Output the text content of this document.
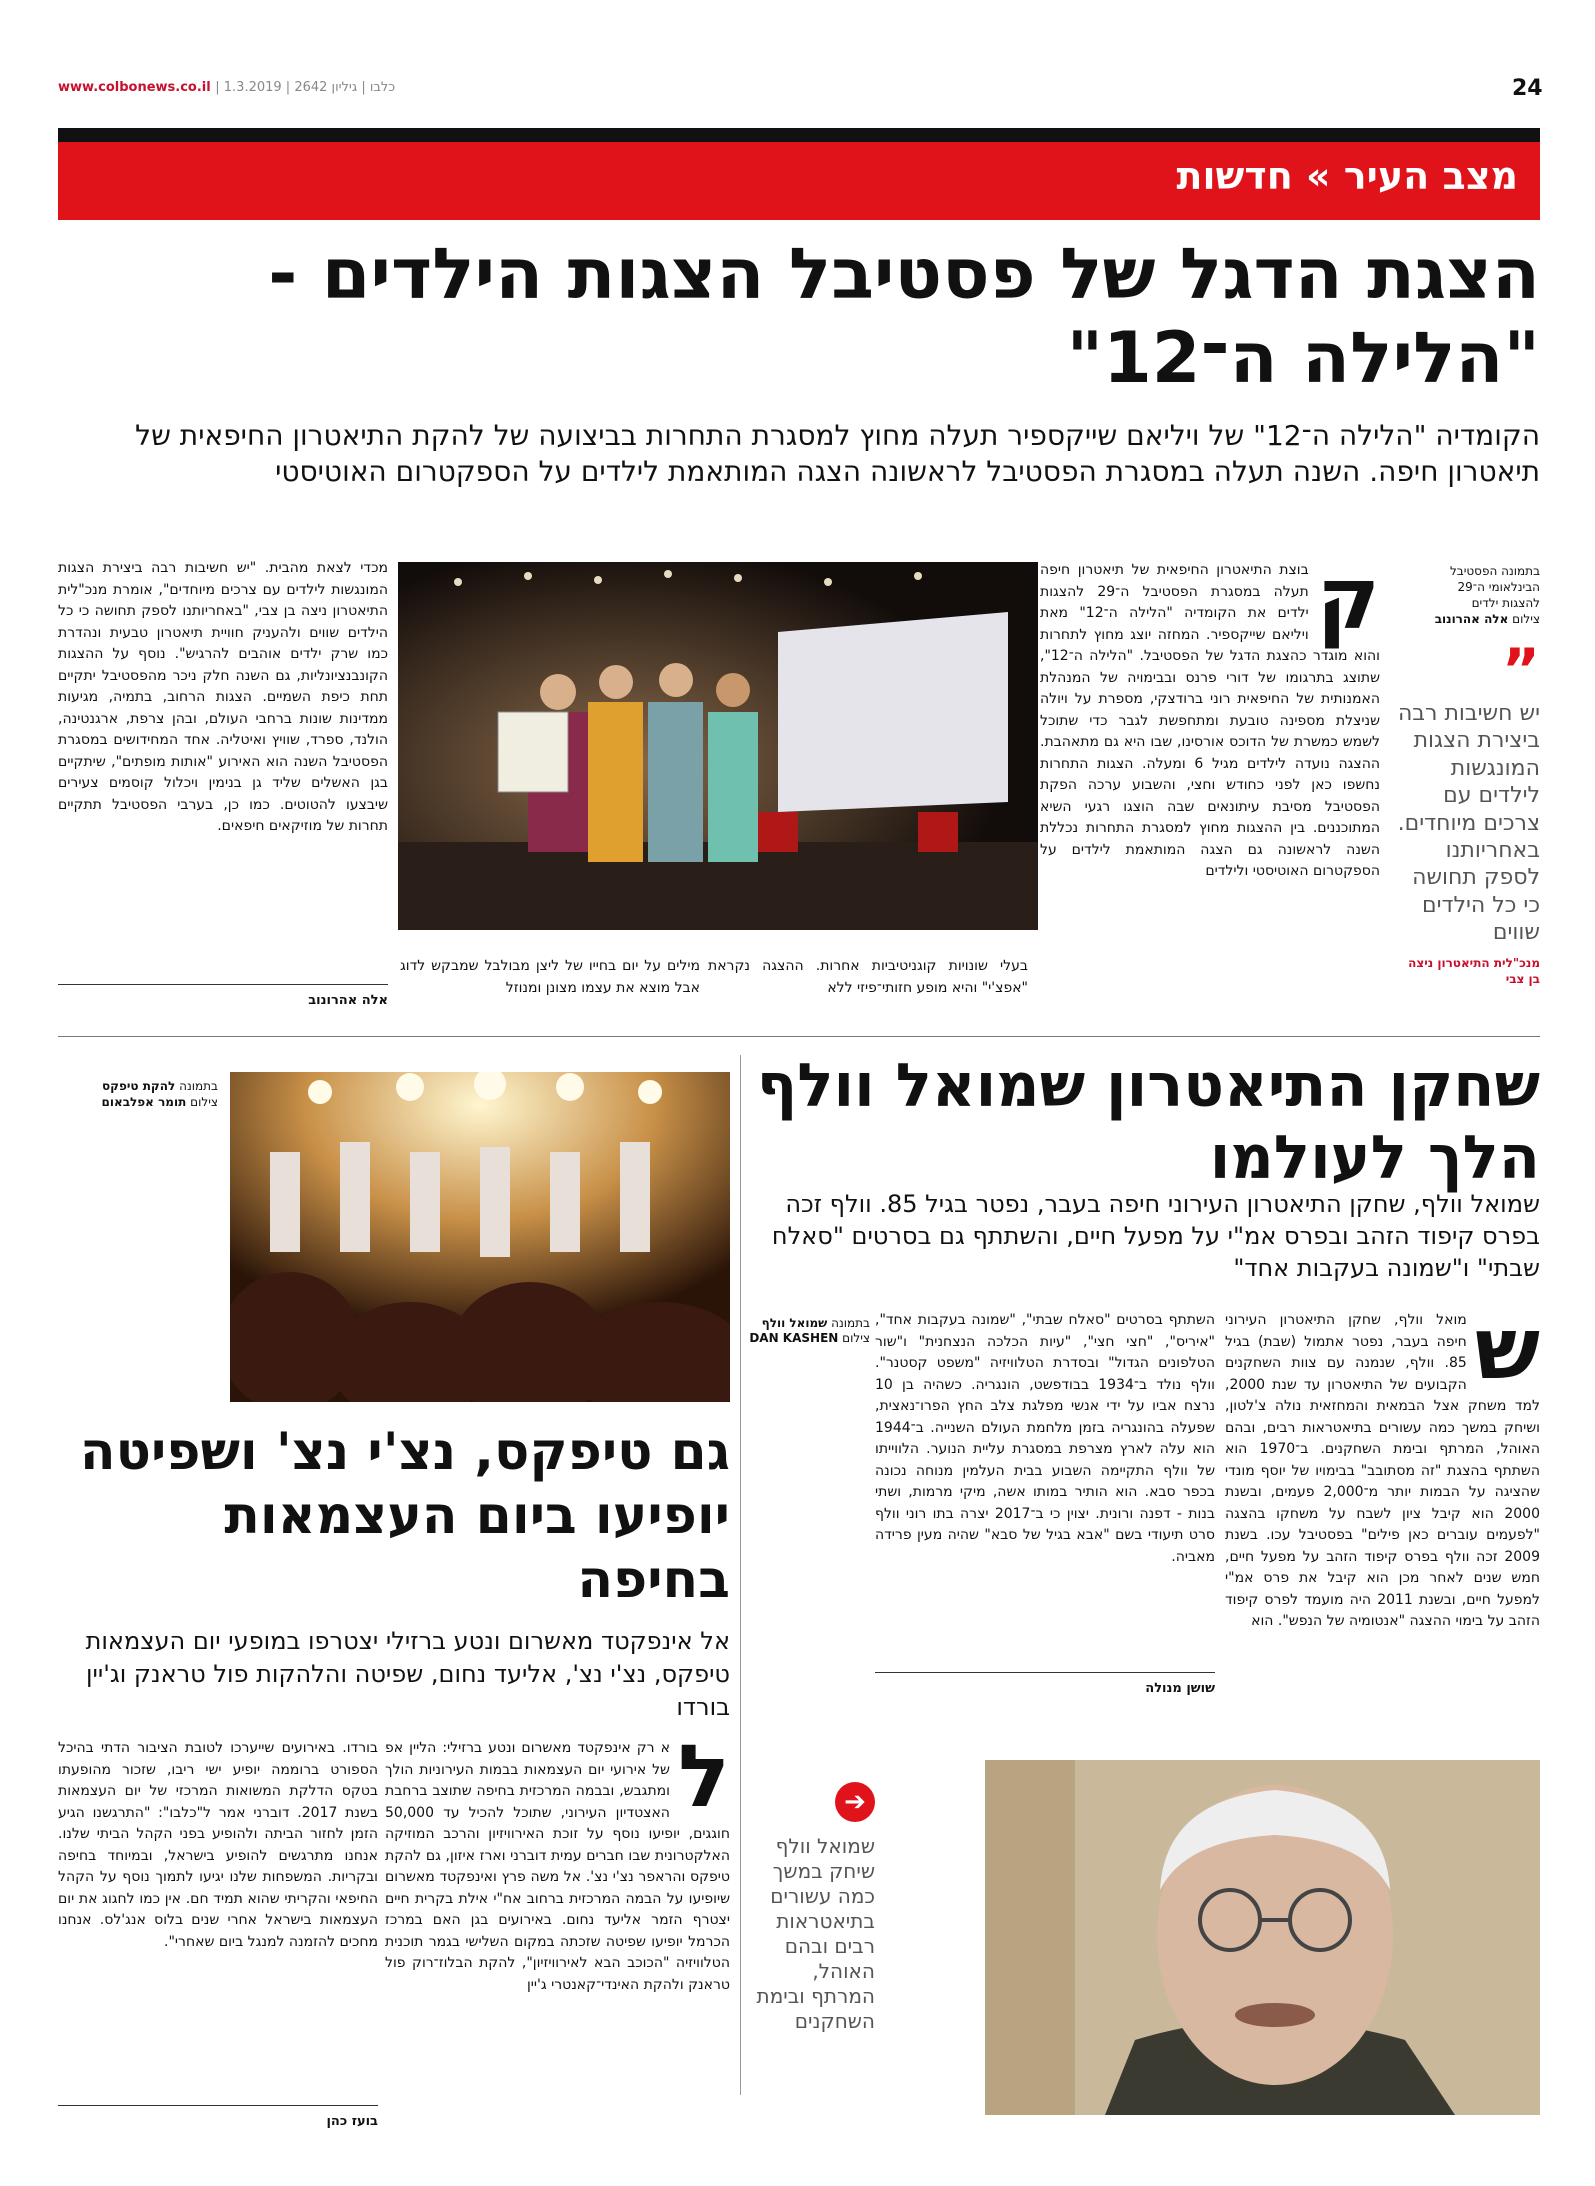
www.colbonews.co.il | כלבו | גיליון 2642 | 1.3.2019	24
מצב העיר » חדשות
הצגת הדגל של פסטיבל הצגות הילדים - "הלילה ה־12"

הקומדיה "הלילה ה־12" של ויליאם שייקספיר תעלה מחוץ למסגרת התחרות בביצועה של להקת התיאטרון החיפאית של תיאטרון חיפה. השנה תעלה במסגרת הפסטיבל לראשונה הצגה המותאמת לילדים על הספקטרום האוטיסטי

בתמונה הפסטיבל
הבינלאומי ה־29
להצגות ילדים
צילום אלה אהרונוב
”
יש חשיבות רבה ביצירת הצגות המונגשות לילדים עם צרכים מיוחדים. באחריותנו לספק תחושה כי כל הילדים שווים
מנכ"לית התיאטרון ניצה בן צבי
ק
בוצת התיאטרון החיפאית של תיאטרון חיפה תעלה במסגרת הפסטיבל ה־29 להצגות ילדים את הקומדיה "הלילה ה־12" מאת ויליאם שייקספיר. המחזה יוצג מחוץ לתחרות והוא מוגדר כהצגת הדגל של הפסטיבל. "הלילה ה־12", שתוצג בתרגומו של דורי פרנס ובבימויה של המנהלת האמנותית של החיפאית רוני ברודצקי, מספרת על ויולה שניצלת מספינה טובעת ומתחפשת לגבר כדי שתוכל לשמש כמשרת של הדוכס אורסינו, שבו היא גם מתאהבת. ההצגה נועדה לילדים מגיל 6 ומעלה. הצגות התחרות נחשפו כאן לפני כחודש וחצי, והשבוע ערכה הפקת הפסטיבל מסיבת עיתונאים שבה הוצגו רגעי השיא המתוכננים. בין ההצגות מחוץ למסגרת התחרות נכללת השנה לראשונה גם הצגה המותאמת לילדים על הספקטרום האוטיסטי ולילדים
בעלי שונויות קוגניטיביות אחרות. ההצגה נקראת "אפצ'י" והיא מופע חזותי־פיזי ללא
מילים על יום בחייו של ליצן מבולבל שמבקש לדוג אבל מוצא את עצמו מצונן ומנוזל
מכדי לצאת מהבית. "יש חשיבות רבה ביצירת הצגות המונגשות לילדים עם צרכים מיוחדים", אומרת מנכ"לית התיאטרון ניצה בן צבי, "באחריותנו לספק תחושה כי כל הילדים שווים ולהעניק חוויית תיאטרון טבעית ונהדרת כמו שרק ילדים אוהבים להרגיש". נוסף על ההצגות הקונבנציונליות, גם השנה חלק ניכר מהפסטיבל יתקיים תחת כיפת השמיים. הצגות הרחוב, בתמיה, מגיעות ממדינות שונות ברחבי העולם, ובהן צרפת, ארגנטינה, הולנד, ספרד, שוויץ ואיטליה. אחד המחידושים במסגרת הפסטיבל השנה הוא האירוע "אותות מופתים", שיתקיים בגן האשלים שליד גן בנימין ויכלול קוסמים צעירים שיבצעו להטוטים. כמו כן, בערבי הפסטיבל תתקיים תחרות של מוזיקאים חיפאים.
אלה אהרונוב
שחקן התיאטרון שמואל וולף הלך לעולמו

שמואל וולף, שחקן התיאטרון העירוני חיפה בעבר, נפטר בגיל 85. וולף זכה בפרס קיפוד הזהב ובפרס אמ"י על מפעל חיים, והשתתף גם בסרטים "סאלח שבתי" ו"שמונה בעקבות אחד"

ש
מואל וולף, שחקן התיאטרון העירוני חיפה בעבר, נפטר אתמול (שבת) בגיל 85. וולף, שנמנה עם צוות השחקנים הקבועים של התיאטרון עד שנת 2000, למד משחק אצל הבמאית והמחזאית נולה צ'לטון, ושיחק במשך כמה עשורים בתיאטראות רבים, ובהם האוהל, המרתף ובימת השחקנים. ב־1970 הוא השתתף בהצגת "זה מסתובב" בבימויו של יוסף מונדי שהציגה על הבמות יותר מ־2,000 פעמים, ובשנת 2000 הוא קיבל ציון לשבח על משחקו בהצגה "לפעמים עוברים כאן פילים" בפסטיבל עכו. בשנת 2009 זכה וולף בפרס קיפוד הזהב על מפעל חיים, חמש שנים לאחר מכן הוא קיבל את פרס אמ"י למפעל חיים, ובשנת 2011 היה מועמד לפרס קיפוד הזהב על בימוי ההצגה "אנטומיה של הנפש". הוא
השתתף בסרטים "סאלח שבתי", "שמונה בעקבות אחד", "איריס", "חצי חצי", "עיות הכלכה הנצחנית" ו"שור הטלפונים הגדול" ובסדרת הטלוויזיה "משפט קסטנר". וולף נולד ב־1934 בבודפשט, הונגריה. כשהיה בן 10 נרצח אביו על ידי אנשי מפלגת צלב החץ הפרו־נאצית, שפעלה בהונגריה בזמן מלחמת העולם השנייה. ב־1944 הוא עלה לארץ מצרפת במסגרת עליית הנוער. הלווייתו של וולף התקיימה השבוע בבית העלמין מנוחה נכונה בכפר סבא. הוא הותיר במותו אשה, מיקי מרמות, ושתי בנות - דפנה ורונית. יצוין כי ב־2017 יצרה בתו רוני וולף סרט תיעודי בשם "אבא בגיל של סבא" שהיה מעין פרידה מאביה.
בתמונה שמואל וולף
צילום DAN KASHEN
שושן מנולה
➔
שמואל וולף שיחק במשך כמה עשורים בתיאטראות רבים ובהם האוהל, המרתף ובימת השחקנים
בתמונה להקת טיפקס
צילום תומר אפלבאום
גם טיפקס, נצ'י נצ' ושפיטה יופיעו ביום העצמאות בחיפה

אל אינפקטד מאשרום ונטע ברזילי יצטרפו במופעי יום העצמאות טיפקס, נצ'י נצ', אליעד נחום, שפיטה והלהקות פול טראנק וג'יין בורדו

ל
א רק אינפקטד מאשרום ונטע ברזילי: הליין אפ של אירועי יום העצמאות בבמות העירוניות הולך ומתגבש, ובבמה המרכזית בחיפה שתוצב ברחבת האצטדיון העירוני, שתוכל להכיל עד 50,000 חוגגים, יופיעו נוסף על זוכת האירוויזיון והרכב המוזיקה האלקטרונית שבו חברים עמית דוברני וארז איזון, גם להקת טיפקס והראפר נצ'י נצ'. אל משה פרץ ואינפקטד מאשרום שיופיעו על הבמה המרכזית ברחוב אח"י אילת בקרית חיים יצטרף הזמר אליעד נחום. באירועים בגן האם במרכז הכרמל יופיעו שפיטה שזכתה במקום השלישי בגמר תוכנית הטלוויזיה "הכוכב הבא לאירוויזיון", להקת הבלוז־רוק פול טראנק ולהקת האינדי־קאנטרי ג'יין
בורדו. באירועים שייערכו לטובת הציבור הדתי בהיכל הספורט ברוממה יופיע ישי ריבו, שזכור מהופעתו בטקס הדלקת המשואות המרכזי של יום העצמאות בשנת 2017. דוברני אמר ל"כלבו": "התרגשנו הגיע הזמן לחזור הביתה ולהופיע בפני הקהל הביתי שלנו. אנחנו מתרגשים להופיע בישראל, ובמיוחד בחיפה ובקריות. המשפחות שלנו יגיעו לתמוך נוסף על הקהל החיפאי והקריתי שהוא תמיד חם. אין כמו לחגוג את יום העצמאות בישראל אחרי שנים בלוס אנג'לס. אנחנו מחכים להזמנה למנגל ביום שאחרי".
בועז כהן
